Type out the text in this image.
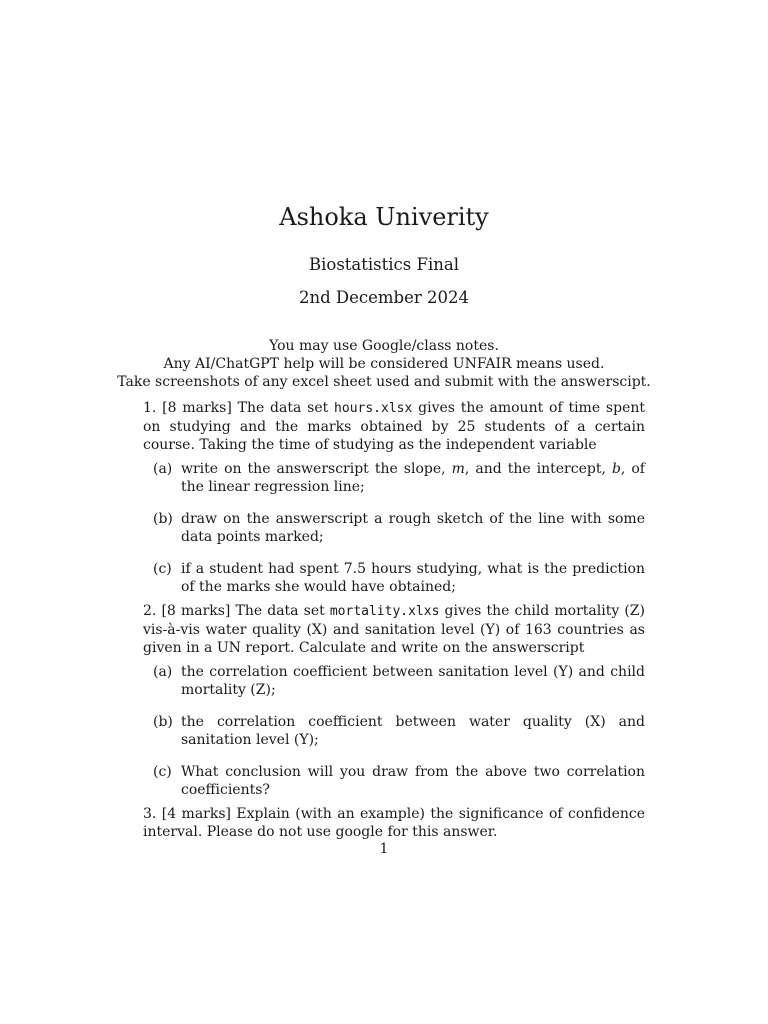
Ashoka Univerity
Biostatistics Final
2nd December 2024
You may use Google/class notes.
Any AI/ChatGPT help will be considered UNFAIR means used.
Take screenshots of any excel sheet used and submit with the answerscipt.
1. [8 marks] The data set hours.xlsx gives the amount of time spent on studying and the marks obtained by 25 students of a certain course. Taking the time of studying as the independent variable
(a) write on the answerscript the slope, m, and the intercept, b, of the linear regression line;
(b) draw on the answerscript a rough sketch of the line with some data points marked;
(c) if a student had spent 7.5 hours studying, what is the prediction of the marks she would have obtained;
2. [8 marks] The data set mortality.xlxs gives the child mortality (Z) vis-à-vis water quality (X) and sanitation level (Y) of 163 countries as given in a UN report. Calculate and write on the answerscript
(a) the correlation coefficient between sanitation level (Y) and child mortality (Z);
(b) the correlation coefficient between water quality (X) and sanitation level (Y);
(c) What conclusion will you draw from the above two correlation coefficients?
3. [4 marks] Explain (with an example) the significance of confidence interval. Please do not use google for this answer.
1
